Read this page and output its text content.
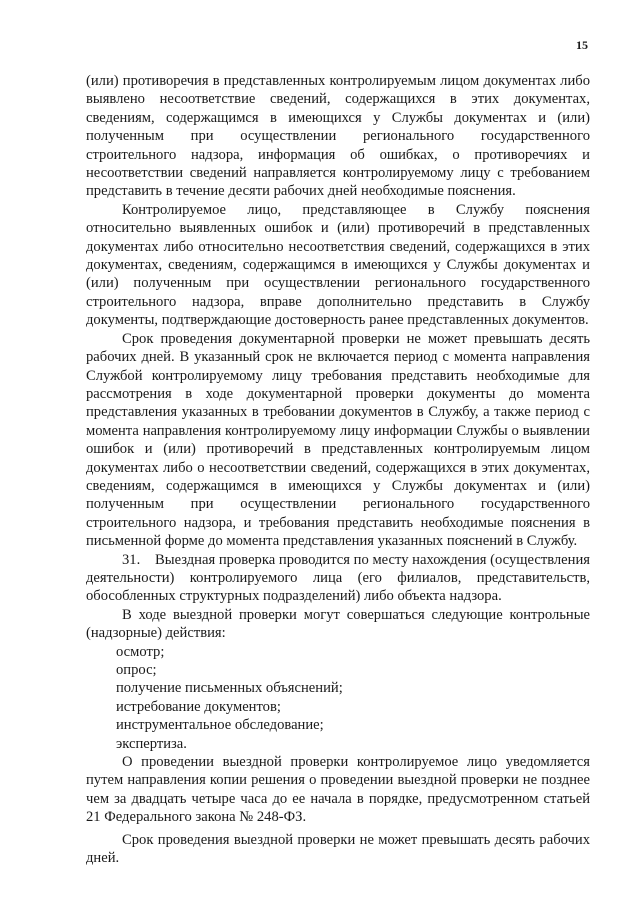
15

(или) противоречия в представленных контролируемым лицом документах либо выявлено несоответствие сведений, содержащихся в этих документах, сведениям, содержащимся в имеющихся у Службы документах и (или) полученным при осуществлении регионального государственного строительного надзора, информация об ошибках, о противоречиях и несоответствии сведений направляется контролируемому лицу с требованием представить в течение десяти рабочих дней необходимые пояснения.

Контролируемое лицо, представляющее в Службу пояснения относительно выявленных ошибок и (или) противоречий в представленных документах либо относительно несоответствия сведений, содержащихся в этих документах, сведениям, содержащимся в имеющихся у Службы документах и (или) полученным при осуществлении регионального государственного строительного надзора, вправе дополнительно представить в Службу документы, подтверждающие достоверность ранее представленных документов.

Срок проведения документарной проверки не может превышать десять рабочих дней. В указанный срок не включается период с момента направления Службой контролируемому лицу требования представить необходимые для рассмотрения в ходе документарной проверки документы до момента представления указанных в требовании документов в Службу, а также период с момента направления контролируемому лицу информации Службы о выявлении ошибок и (или) противоречий в представленных контролируемым лицом документах либо о несоответствии сведений, содержащихся в этих документах, сведениям, содержащимся в имеющихся у Службы документах и (или) полученным при осуществлении регионального государственного строительного надзора, и требования представить необходимые пояснения в письменной форме до момента представления указанных пояснений в Службу.

31.    Выездная проверка проводится по месту нахождения (осуществления деятельности) контролируемого лица (его филиалов, представительств, обособленных структурных подразделений) либо объекта надзора.

В ходе выездной проверки могут совершаться следующие контрольные (надзорные) действия:

осмотр;
опрос;
получение письменных объяснений;
истребование документов;
инструментальное обследование;
экспертиза.

О проведении выездной проверки контролируемое лицо уведомляется путем направления копии решения о проведении выездной проверки не позднее чем за двадцать четыре часа до ее начала в порядке, предусмотренном статьей 21 Федерального закона № 248-ФЗ.

Срок проведения выездной проверки не может превышать десять рабочих дней.
